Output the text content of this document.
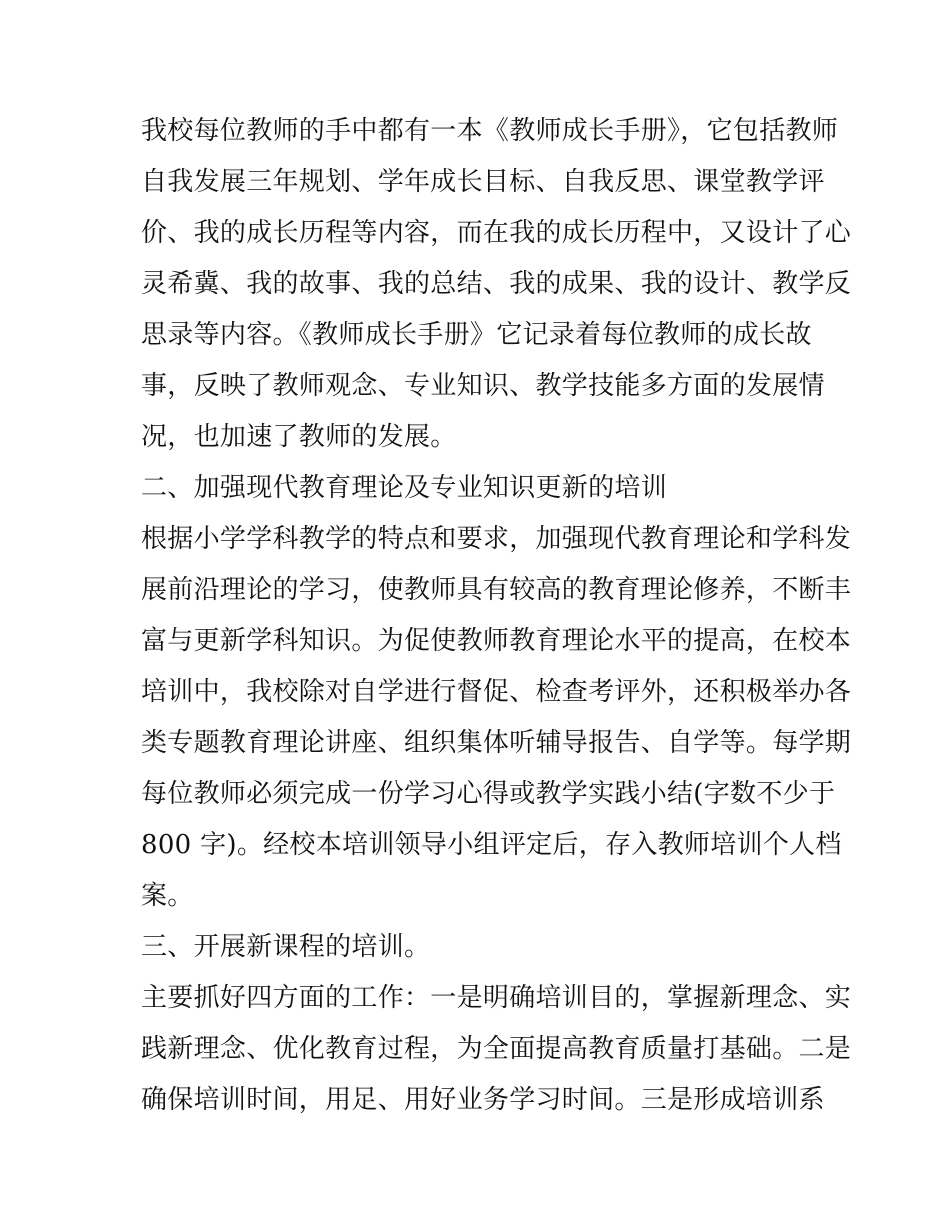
我校每位教师的手中都有一本《教师成长手册》，它包括教师
自我发展三年规划、学年成长目标、自我反思、课堂教学评
价、我的成长历程等内容，而在我的成长历程中，又设计了心
灵希冀、我的故事、我的总结、我的成果、我的设计、教学反
思录等内容。《教师成长手册》它记录着每位教师的成长故
事，反映了教师观念、专业知识、教学技能多方面的发展情
况，也加速了教师的发展。
二、加强现代教育理论及专业知识更新的培训
根据小学学科教学的特点和要求，加强现代教育理论和学科发
展前沿理论的学习，使教师具有较高的教育理论修养，不断丰
富与更新学科知识。为促使教师教育理论水平的提高，在校本
培训中，我校除对自学进行督促、检查考评外，还积极举办各
类专题教育理论讲座、组织集体听辅导报告、自学等。每学期
每位教师必须完成一份学习心得或教学实践小结(字数不少于
800 字)。经校本培训领导小组评定后，存入教师培训个人档
案。
三、开展新课程的培训。
主要抓好四方面的工作：一是明确培训目的，掌握新理念、实
践新理念、优化教育过程，为全面提高教育质量打基础。二是
确保培训时间，用足、用好业务学习时间。三是形成培训系
